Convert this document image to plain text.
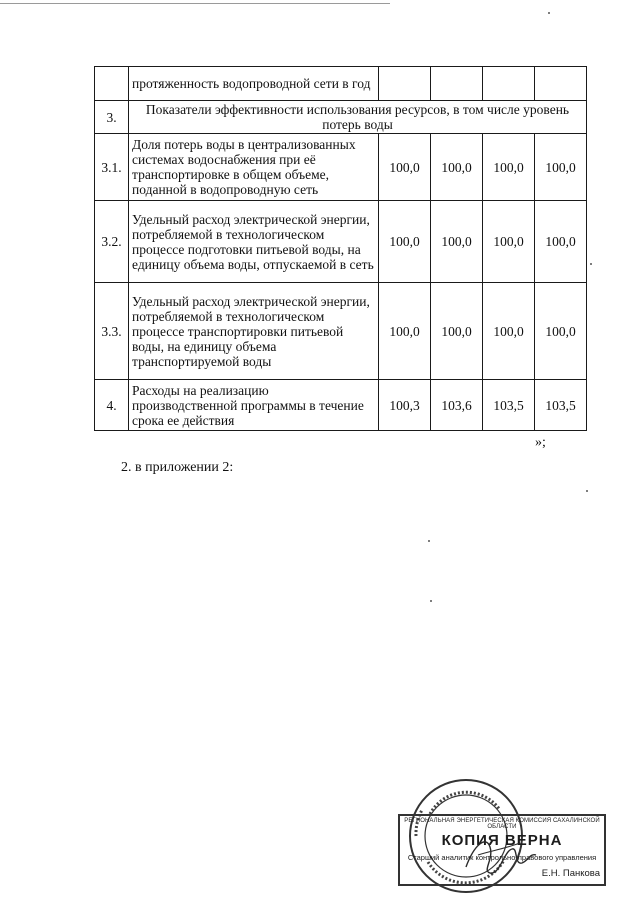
	протяженность водопроводной сети в год				
3.	Показатели эффективности использования ресурсов, в том числе уровень потерь воды				
3.1.	Доля потерь воды в централизованных системах водоснабжения при её транспортировке в общем объеме, поданной в водопроводную сеть	100,0	100,0	100,0	100,0
3.2.	Удельный расход электрической энергии, потребляемой в технологическом процессе подготовки питьевой воды, на единицу объема воды, отпускаемой в сеть	100,0	100,0	100,0	100,0
3.3.	Удельный расход электрической энергии, потребляемой в технологическом процессе транспортировки питьевой воды, на единицу объема транспортируемой воды	100,0	100,0	100,0	100,0
4.	Расходы на реализацию производственной программы в течение срока ее действия	100,3	103,6	103,5	103,5
»;
2. в приложении 2:
РЕГИОНАЛЬНАЯ ЭНЕРГЕТИЧЕСКАЯ КОМИССИЯ САХАЛИНСКОЙ ОБЛАСТИ
КОПИЯ ВЕРНА
Старший аналитик контрольно-правового управления
Е.Н. Панкова
